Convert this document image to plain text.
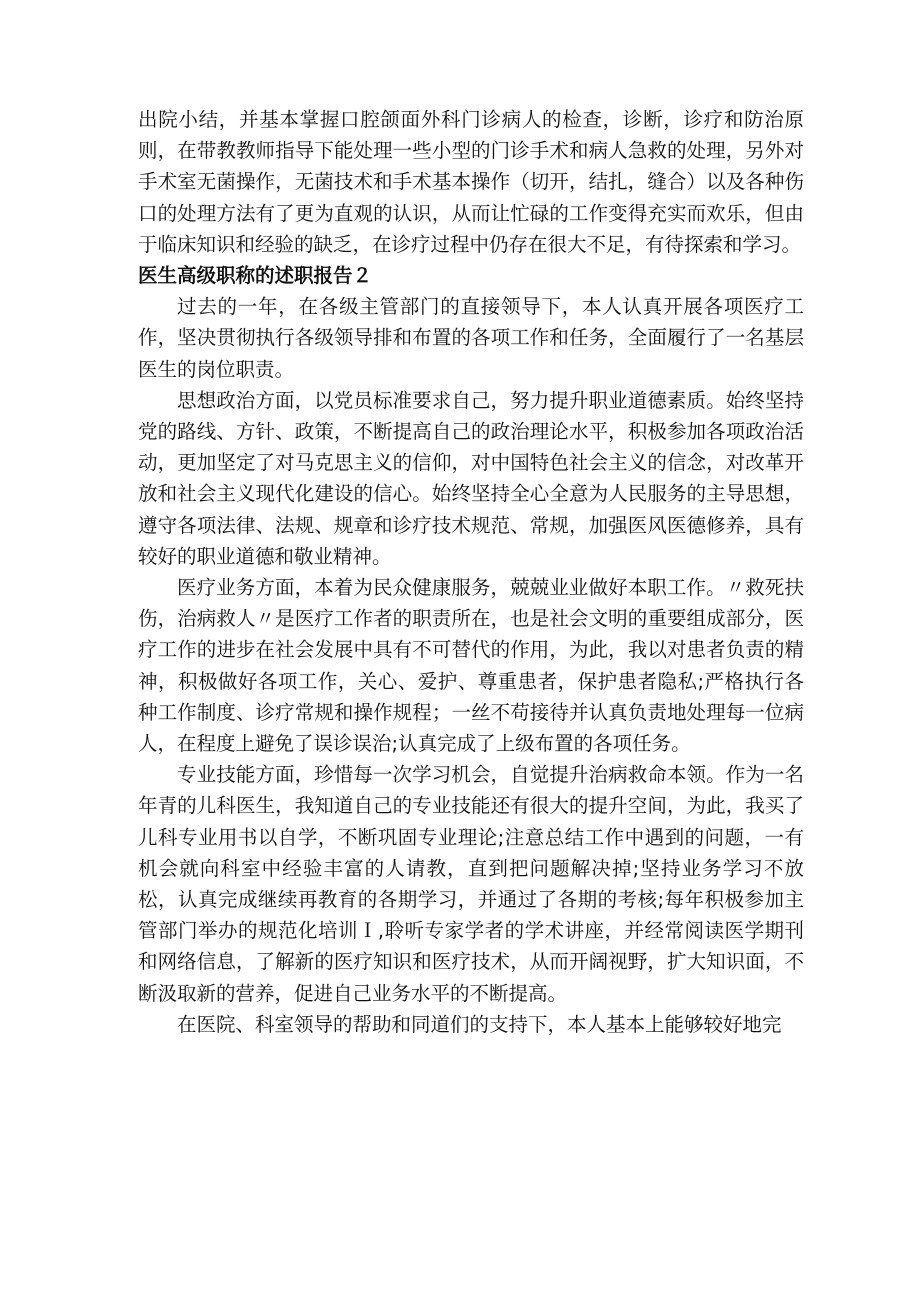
出院小结，并基本掌握口腔颌面外科门诊病人的检查，诊断，诊疗和防治原则，在带教教师指导下能处理一些小型的门诊手术和病人急救的处理，另外对手术室无菌操作，无菌技术和手术基本操作（切开，结扎，缝合）以及各种伤口的处理方法有了更为直观的认识，从而让忙碌的工作变得充实而欢乐，但由于临床知识和经验的缺乏，在诊疗过程中仍存在很大不足，有待探索和学习。

医生高级职称的述职报告２

过去的一年，在各级主管部门的直接领导下，本人认真开展各项医疗工作，坚决贯彻执行各级领导排和布置的各项工作和任务，全面履行了一名基层医生的岗位职责。

思想政治方面，以党员标准要求自己，努力提升职业道德素质。始终坚持党的路线、方针、政策，不断提高自己的政治理论水平，积极参加各项政治活动，更加坚定了对马克思主义的信仰，对中国特色社会主义的信念，对改革开放和社会主义现代化建设的信心。始终坚持全心全意为人民服务的主导思想，遵守各项法律、法规、规章和诊疗技术规范、常规，加强医风医德修养，具有较好的职业道德和敬业精神。

医疗业务方面，本着为民众健康服务，兢兢业业做好本职工作。〃救死扶伤，治病救人〃是医疗工作者的职责所在，也是社会文明的重要组成部分，医疗工作的进步在社会发展中具有不可替代的作用，为此，我以对患者负责的精神，积极做好各项工作，关心、爱护、尊重患者，保护患者隐私;严格执行各种工作制度、诊疗常规和操作规程；一丝不苟接待并认真负责地处理每一位病人，在程度上避免了误诊误治;认真完成了上级布置的各项任务。

专业技能方面，珍惜每一次学习机会，自觉提升治病救命本领。作为一名年青的儿科医生，我知道自己的专业技能还有很大的提升空间，为此，我买了儿科专业用书以自学，不断巩固专业理论;注意总结工作中遇到的问题，一有机会就向科室中经验丰富的人请教，直到把问题解决掉;坚持业务学习不放松，认真完成继续再教育的各期学习，并通过了各期的考核;每年积极参加主管部门举办的规范化培训Ｉ,聆听专家学者的学术讲座，并经常阅读医学期刊和网络信息，了解新的医疗知识和医疗技术，从而开阔视野，扩大知识面，不断汲取新的营养，促进自己业务水平的不断提高。

在医院、科室领导的帮助和同道们的支持下，本人基本上能够较好地完
